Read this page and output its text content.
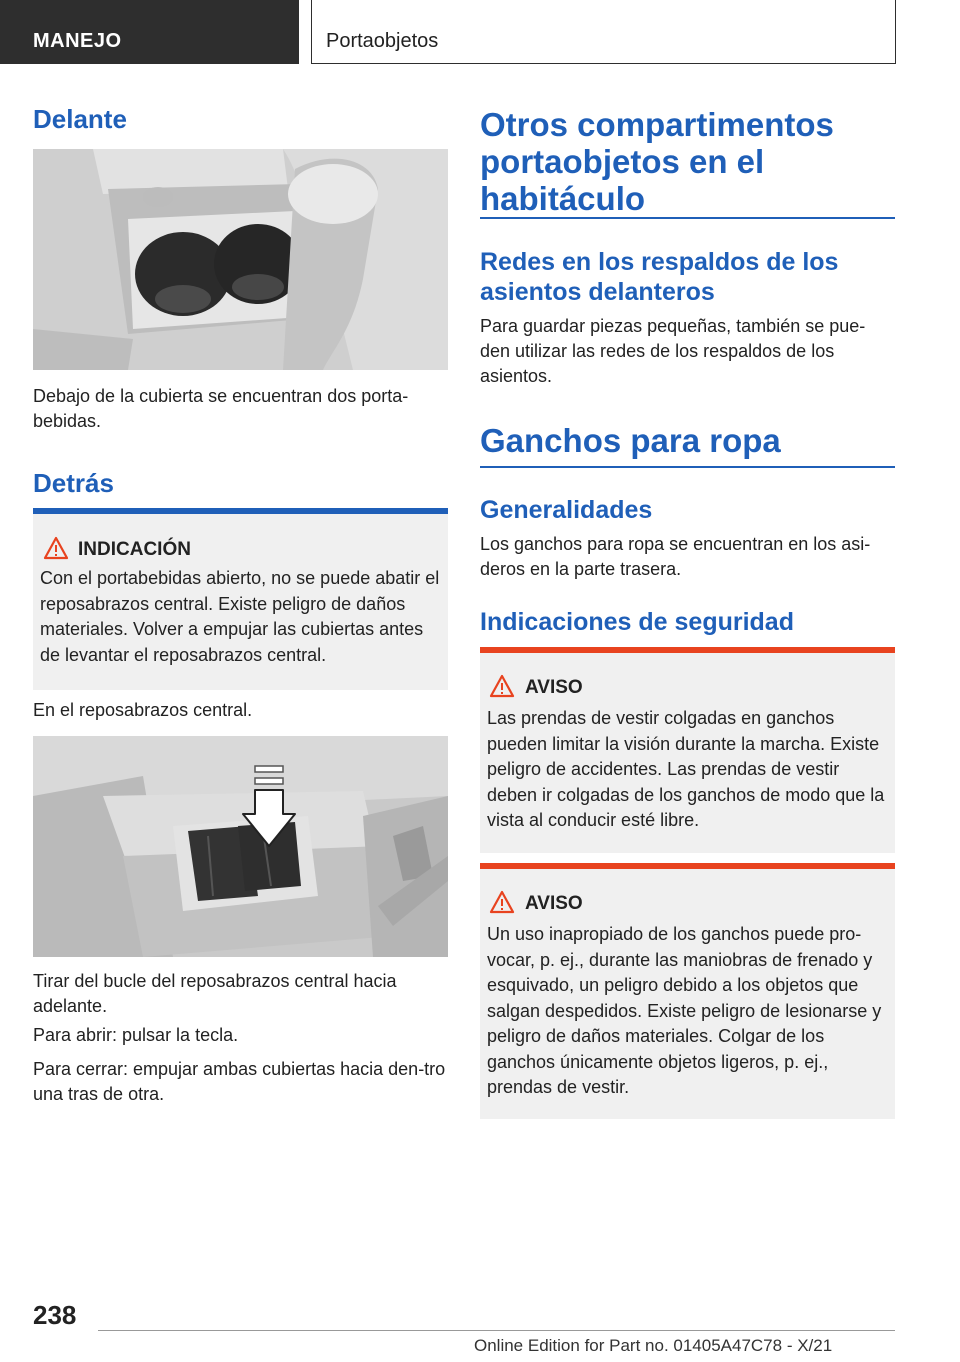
MANEJO	Portaobjetos
Delante

Debajo de la cubierta se encuentran dos porta-bebidas.

Detrás
INDICACIÓN
Con el portabebidas abierto, no se puede abatir el reposabrazos central. Existe peligro de daños materiales. Volver a empujar las cubiertas antes de levantar el reposabrazos central.

En el reposabrazos central.

Tirar del bucle del reposabrazos central hacia adelante.

Para abrir: pulsar la tecla.

Para cerrar: empujar ambas cubiertas hacia den-tro una tras de otra.

Otros compartimentos portaobjetos en el habitáculo
Redes en los respaldos de los asientos delanteros

Para guardar piezas pequeñas, también se pue-den utilizar las redes de los respaldos de los asientos.

Ganchos para ropa
Generalidades

Los ganchos para ropa se encuentran en los asi-deros en la parte trasera.

Indicaciones de seguridad
AVISO
Las prendas de vestir colgadas en ganchos pueden limitar la visión durante la marcha. Existe peligro de accidentes. Las prendas de vestir deben ir colgadas de los ganchos de modo que la vista al conducir esté libre.
AVISO
Un uso inapropiado de los ganchos puede pro-vocar, p. ej., durante las maniobras de frenado y esquivado, un peligro debido a los objetos que salgan despedidos. Existe peligro de lesionarse y peligro de daños materiales. Colgar de los ganchos únicamente objetos ligeros, p. ej., prendas de vestir.
238
Online Edition for Part no. 01405A47C78 - X/21
